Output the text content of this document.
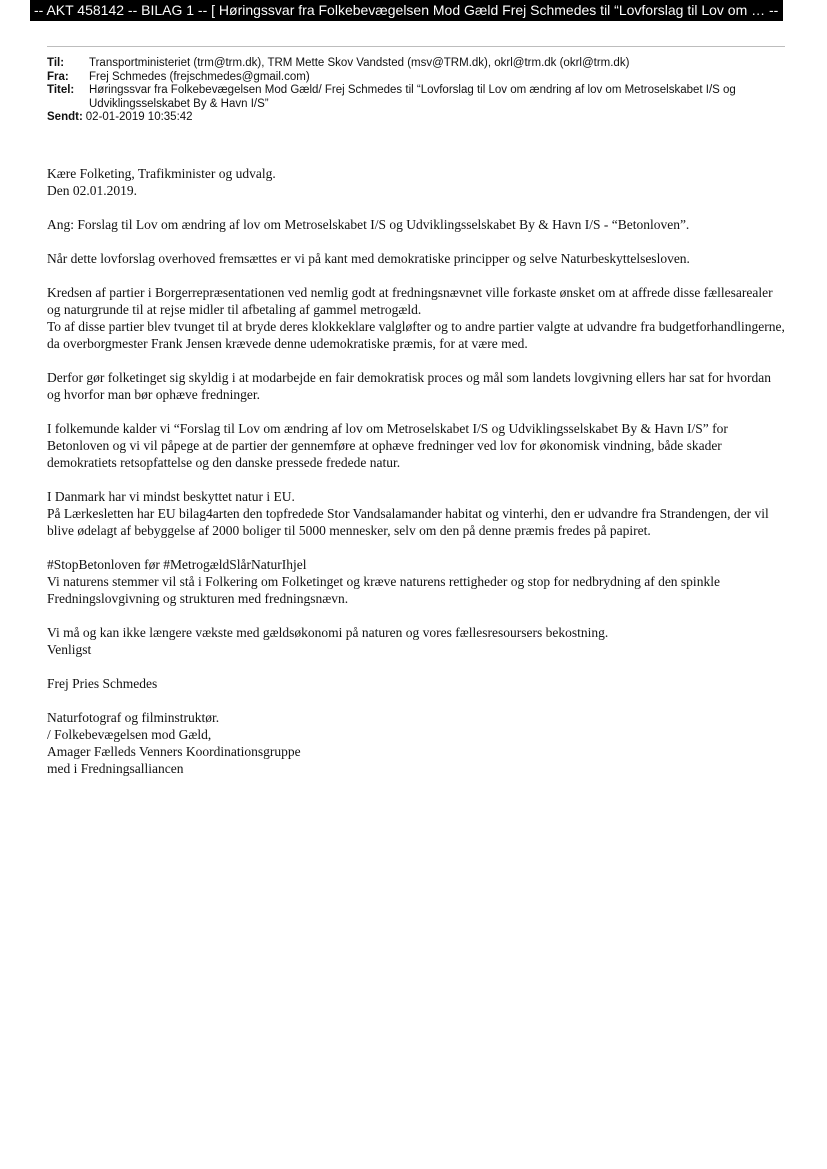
-- AKT 458142 -- BILAG 1 -- [ Høringssvar fra Folkebevægelsen Mod Gæld Frej Schmedes til “Lovforslag til Lov om … --
Til:	Transportministeriet (trm@trm.dk), TRM Mette Skov Vandsted (msv@TRM.dk), okrl@trm.dk (okrl@trm.dk)
Fra:	Frej Schmedes (frejschmedes@gmail.com)
Titel:	Høringssvar fra Folkebevægelsen Mod Gæld/ Frej Schmedes til “Lovforslag til Lov om ændring af lov om Metroselskabet I/S og Udviklingsselskabet By & Havn I/S”
Sendt: 02-01-2019 10:35:42

Kære Folketing, Trafikminister og udvalg.
Den 02.01.2019.

Ang: Forslag til Lov om ændring af lov om Metroselskabet I/S og Udviklingsselskabet By & Havn I/S - “Betonloven”.

Når dette lovforslag overhoved fremsættes er vi på kant med demokratiske principper og selve Naturbeskyttelsesloven.

Kredsen af partier i Borgerrepræsentationen ved nemlig godt at fredningsnævnet ville forkaste ønsket om at affrede disse fællesarealer og naturgrunde til at rejse midler til afbetaling af gammel metrogæld.
To af disse partier blev tvunget til at bryde deres klokkeklare valgløfter og to andre partier valgte at udvandre fra budgetforhandlingerne, da overborgmester Frank Jensen krævede denne udemokratiske præmis, for at være med.

Derfor gør folketinget sig skyldig i at modarbejde en fair demokratisk proces og mål som landets lovgivning ellers har sat for hvordan og hvorfor man bør ophæve fredninger.

I folkemunde kalder vi “Forslag til Lov om ændring af lov om Metroselskabet I/S og Udviklingsselskabet By & Havn I/S” for Betonloven og vi vil påpege at de partier der gennemføre at ophæve fredninger ved lov for økonomisk vindning, både skader demokratiets retsopfattelse og den danske pressede fredede natur.

I Danmark har vi mindst beskyttet natur i EU.
På Lærkesletten har EU bilag4arten den topfredede Stor Vandsalamander habitat og vinterhi, den er udvandre fra Strandengen, der vil blive ødelagt af bebyggelse af 2000 boliger til 5000 mennesker, selv om den på denne præmis fredes på papiret.

#StopBetonloven før #MetrogældSlårNaturIhjel
Vi naturens stemmer vil stå i Folkering om Folketinget og kræve naturens rettigheder og stop for nedbrydning af den spinkle Fredningslovgivning og strukturen med fredningsnævn.

Vi må og kan ikke længere vækste med gældsøkonomi på naturen og vores fællesresoursers bekostning.
Venligst

Frej Pries Schmedes

Naturfotograf og filminstruktør.
/ Folkebevægelsen mod Gæld,
Amager Fælleds Venners Koordinationsgruppe
med i Fredningsalliancen
